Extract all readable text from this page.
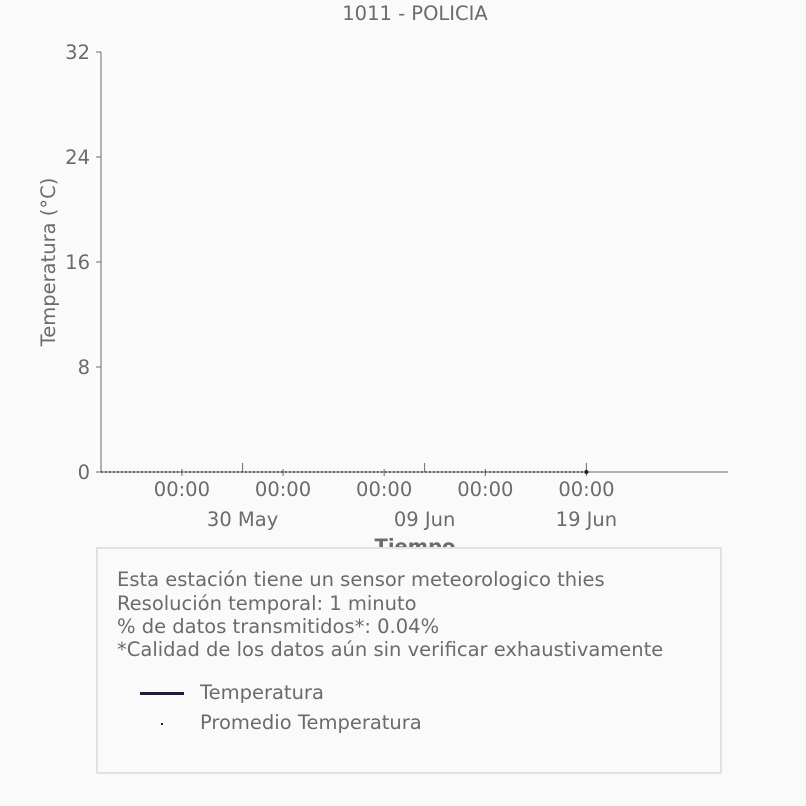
1011 - POLICIA
Temperatura (°C)
0
8
16
24
32
00:00 00:00 00:00 00:00 00:00
30 May	09 Jun	19 Jun
Esta estación tiene un sensor meteorologico thies
Resolución temporal: 1 minuto
% de datos transmitidos*: 0.04%
*Calidad de los datos aún sin verificar exhaustivamente
Temperatura
Promedio Temperatura
